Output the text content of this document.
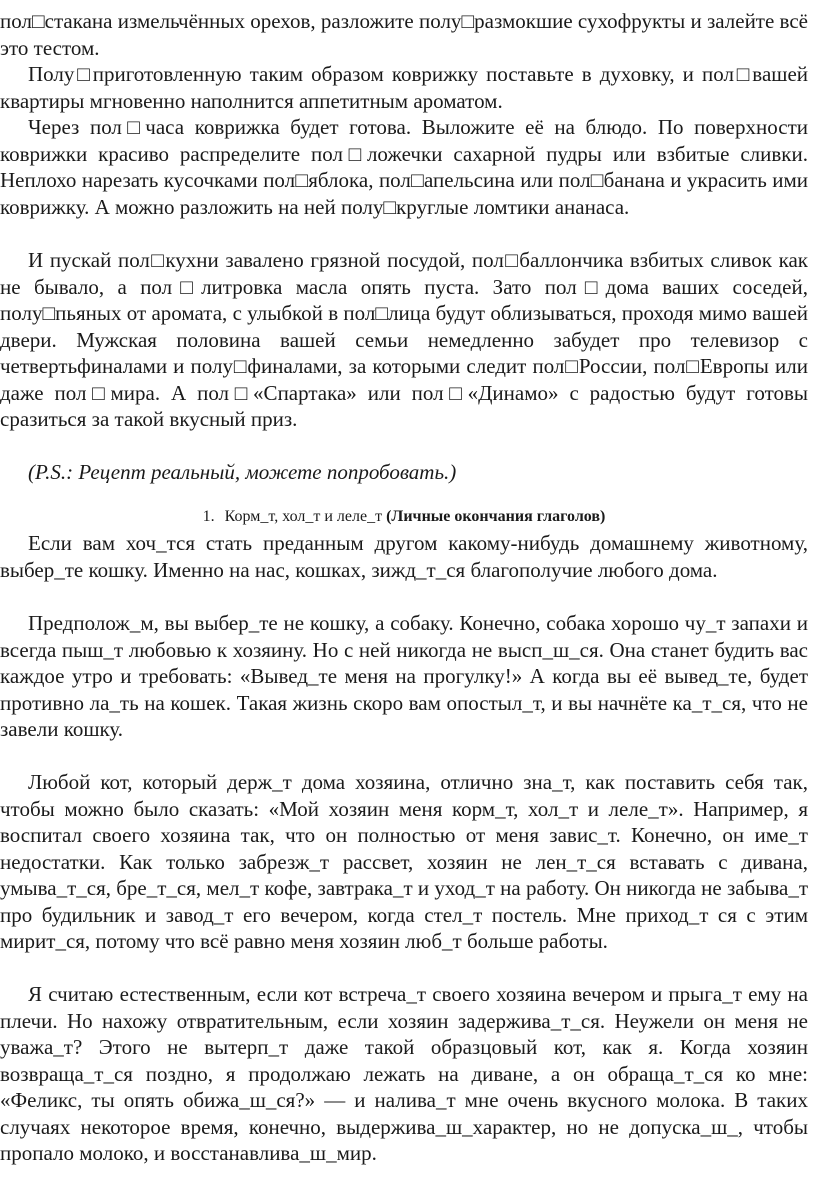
пол□стакана измельчённых орехов, разложите полу□размокшие сухофрукты и залейте всё это тестом.

Полу□приготовленную таким образом коврижку поставьте в духовку, и пол□вашей квартиры мгновенно наполнится аппетитным ароматом.

Через пол□часа коврижка будет готова. Выложите её на блюдо. По поверхности коврижки красиво распределите пол□ложечки сахарной пудры или взбитые сливки. Неплохо нарезать кусочками пол□яблока, пол□апельсина или пол□банана и украсить ими коврижку. А можно разложить на ней полу□круглые ломтики ананаса.

И пускай пол□кухни завалено грязной посудой, пол□баллончика взбитых сливок как не бывало, а пол□литровка масла опять пуста. Зато пол□дома ваших соседей, полу□пьяных от аромата, с улыбкой в пол□лица будут облизываться, проходя мимо вашей двери. Мужская половина вашей семьи немедленно забудет про телевизор с четвертьфиналами и полу□финалами, за которыми следит пол□России, пол□Европы или даже пол□мира. А пол□«Спартака» или пол□«Динамо» с радостью будут готовы сразиться за такой вкусный приз.

(P.S.: Рецепт реальный, можете попробовать.)

1. Корм_т, хол_т и леле_т (Личные окончания глаголов)

Если вам хоч_тся стать преданным другом какому-нибудь домашнему животному, выбер_те кошку. Именно на нас, кошках, зижд_т_ся благополучие любого дома.

Предполож_м, вы выбер_те не кошку, а собаку. Конечно, собака хорошо чу_т запахи и всегда пыш_т любовью к хозяину. Но с ней никогда не высп_ш_ся. Она станет будить вас каждое утро и требовать: «Вывед_те меня на прогулку!» А когда вы её вывед_те, будет противно ла_ть на кошек. Такая жизнь скоро вам опостыл_т, и вы начнёте ка_т_ся, что не завели кошку.

Любой кот, который держ_т дома хозяина, отлично зна_т, как поставить себя так, чтобы можно было сказать: «Мой хозяин меня корм_т, хол_т и леле_т». Например, я воспитал своего хозяина так, что он полностью от меня завис_т. Конечно, он име_т недостатки. Как только забрезж_т рассвет, хозяин не лен_т_ся вставать с дивана, умыва_т_ся, бре_т_ся, мел_т кофе, завтрака_т и уход_т на работу. Он никогда не забыва_т про будильник и завод_т его вечером, когда стел_т постель. Мне приход_т ся с этим мирит_ся, потому что всё равно меня хозяин люб_т больше работы.

Я считаю естественным, если кот встреча_т своего хозяина вечером и прыга_т ему на плечи. Но нахожу отвратительным, если хозяин задержива_т_ся. Неужели он меня не уважа_т? Этого не вытерп_т даже такой образцовый кот, как я. Когда хозяин возвраща_т_ся поздно, я продолжаю лежать на диване, а он обраща_т_ся ко мне: «Феликс, ты опять обижа_ш_ся?» — и налива_т мне очень вкусного молока. В таких случаях некоторое время, конечно, выдержива_ш_характер, но не допуска_ш_, чтобы пропало молоко, и восстанавлива_ш_мир.
